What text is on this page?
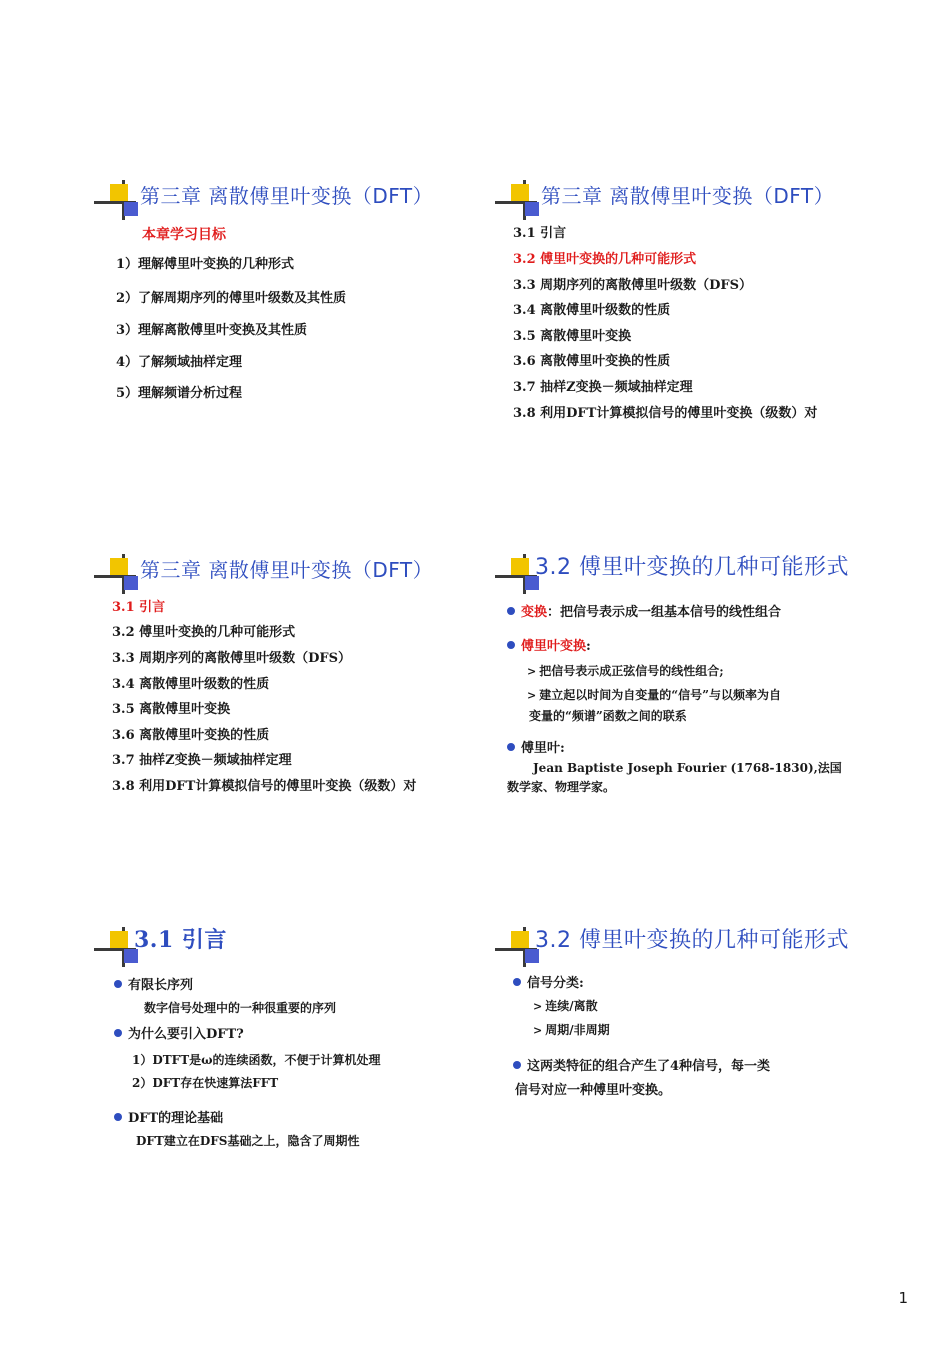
第三章 离散傅里叶变换（DFT）
本章学习目标
1）理解傅里叶变换的几种形式
2）了解周期序列的傅里叶级数及其性质
3）理解离散傅里叶变换及其性质
4）了解频域抽样定理
5）理解频谱分析过程
第三章 离散傅里叶变换（DFT）
3.1 引言
3.2 傅里叶变换的几种可能形式
3.3 周期序列的离散傅里叶级数（DFS）
3.4 离散傅里叶级数的性质
3.5 离散傅里叶变换
3.6 离散傅里叶变换的性质
3.7 抽样Z变换－频域抽样定理
3.8 利用DFT计算模拟信号的傅里叶变换（级数）对
第三章 离散傅里叶变换（DFT）
3.1 引言
3.2 傅里叶变换的几种可能形式
3.3 周期序列的离散傅里叶级数（DFS）
3.4 离散傅里叶级数的性质
3.5 离散傅里叶变换
3.6 离散傅里叶变换的性质
3.7 抽样Z变换－频域抽样定理
3.8 利用DFT计算模拟信号的傅里叶变换（级数）对
3.2 傅里叶变换的几种可能形式
变换：把信号表示成一组基本信号的线性组合
傅里叶变换:
> 把信号表示成正弦信号的线性组合;
> 建立起以时间为自变量的“信号”与以频率为自
变量的“频谱”函数之间的联系
傅里叶:
Jean Baptiste Joseph Fourier (1768-1830),法国
数学家、物理学家。
3.1 引言
有限长序列
数字信号处理中的一种很重要的序列
为什么要引入DFT?
1）DTFT是ω的连续函数，不便于计算机处理
2）DFT存在快速算法FFT
DFT的理论基础
DFT建立在DFS基础之上，隐含了周期性
3.2 傅里叶变换的几种可能形式
信号分类:
> 连续/离散
> 周期/非周期
这两类特征的组合产生了4种信号，每一类
信号对应一种傅里叶变换。
1
